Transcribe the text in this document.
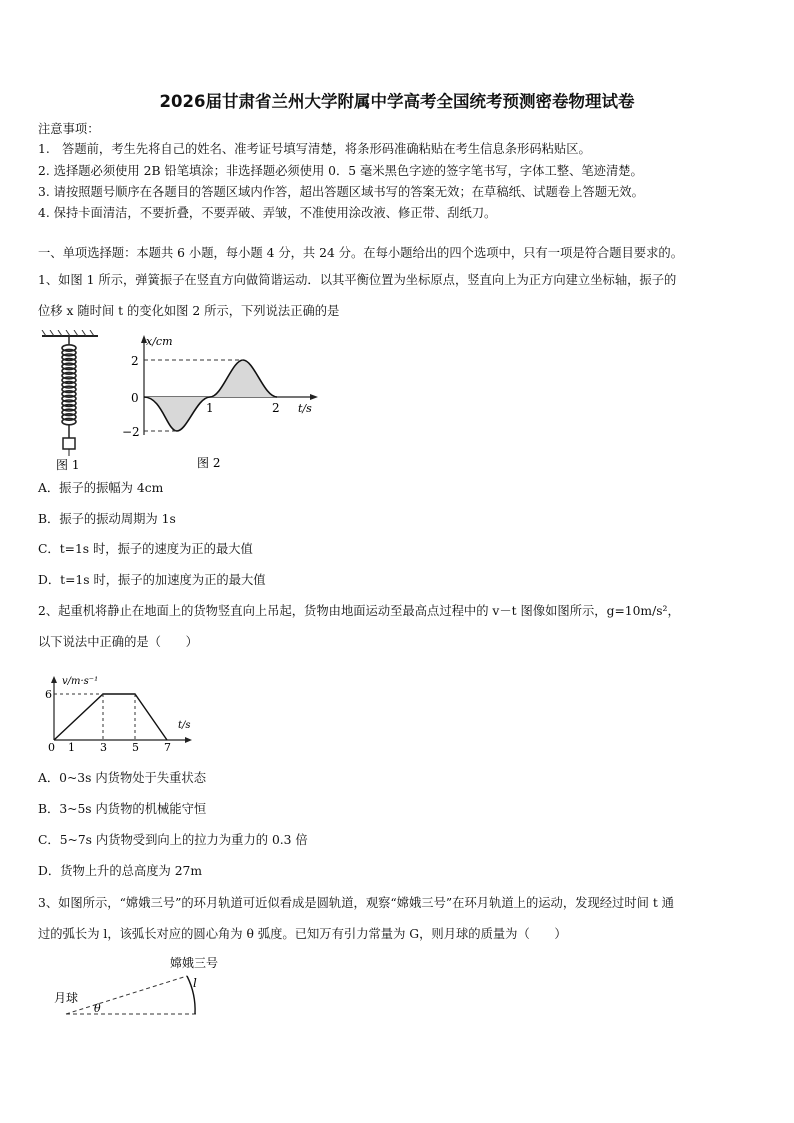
2026届甘肃省兰州大学附属中学高考全国统考预测密卷物理试卷
注意事项：
1.　答题前，考生先将自己的姓名、准考证号填写清楚，将条形码准确粘贴在考生信息条形码粘贴区。
2. 选择题必须使用 2B 铅笔填涂；非选择题必须使用 0．5 毫米黑色字迹的签字笔书写，字体工整、笔迹清楚。
3. 请按照题号顺序在各题目的答题区域内作答，超出答题区域书写的答案无效；在草稿纸、试题卷上答题无效。
4. 保持卡面清洁，不要折叠，不要弄破、弄皱，不准使用涂改液、修正带、刮纸刀。
一、单项选择题：本题共 6 小题，每小题 4 分，共 24 分。在每小题给出的四个选项中，只有一项是符合题目要求的。
1、如图 1 所示，弹簧振子在竖直方向做简谐运动．以其平衡位置为坐标原点，竖直向上为正方向建立坐标轴，振子的
位移 x 随时间 t 的变化如图 2 所示，下列说法正确的是
图 1
x/cm
t/s
2
0
−2
1	2
图 2
A．振子的振幅为 4cm
B．振子的振动周期为 1s
C．t=1s 时，振子的速度为正的最大值
D．t=1s 时，振子的加速度为正的最大值
2、起重机将静止在地面上的货物竖直向上吊起，货物由地面运动至最高点过程中的 v－t 图像如图所示，g=10m/s²，
以下说法中正确的是（　　）
v/m·s⁻¹
t/s
6
0 1 3 5 7
A．0~3s 内货物处于失重状态
B．3~5s 内货物的机械能守恒
C．5~7s 内货物受到向上的拉力为重力的 0.3 倍
D．货物上升的总高度为 27m
3、如图所示，“嫦娥三号”的环月轨道可近似看成是圆轨道，观察“嫦娥三号”在环月轨道上的运动，发现经过时间 t 通
过的弧长为 l，该弧长对应的圆心角为 θ 弧度。已知万有引力常量为 G，则月球的质量为（　　）
嫦娥三号
月球
l
θ
